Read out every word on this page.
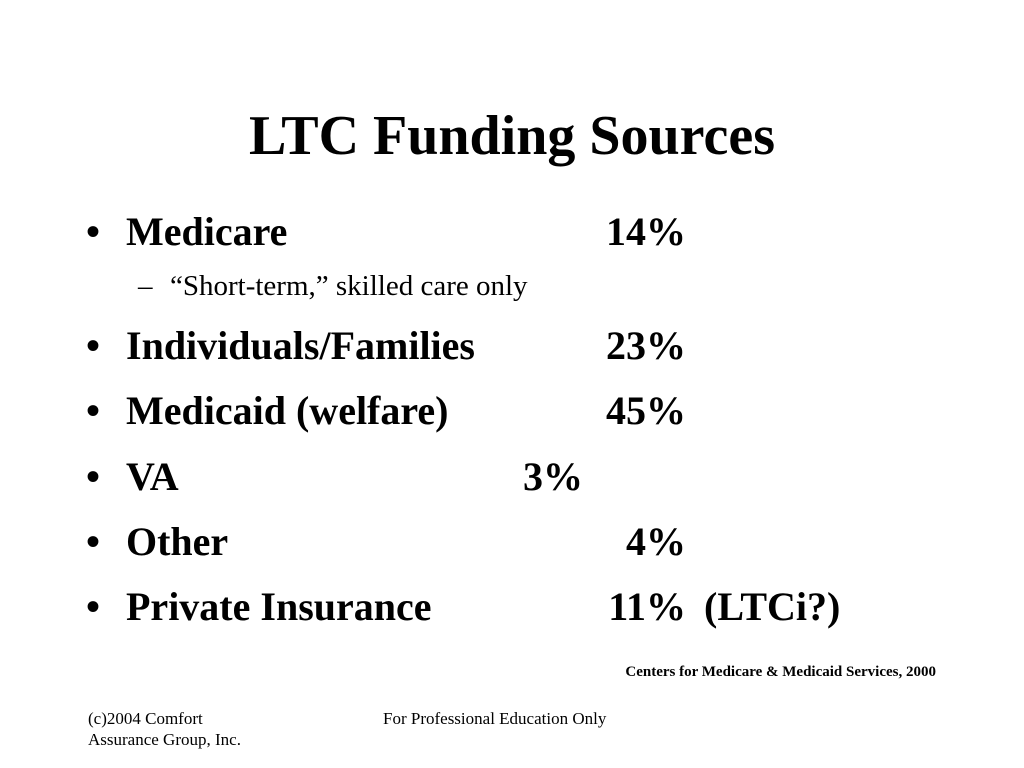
LTC Funding Sources
• Medicare	14%
– “Short-term,” skilled care only
• Individuals/Families	23%
• Medicaid (welfare)	45%
• VA	3%
• Other	4%
• Private Insurance	11% (LTCi?)
Centers for Medicare & Medicaid Services, 2000
(c)2004 Comfort
Assurance Group, Inc.
For Professional Education Only
